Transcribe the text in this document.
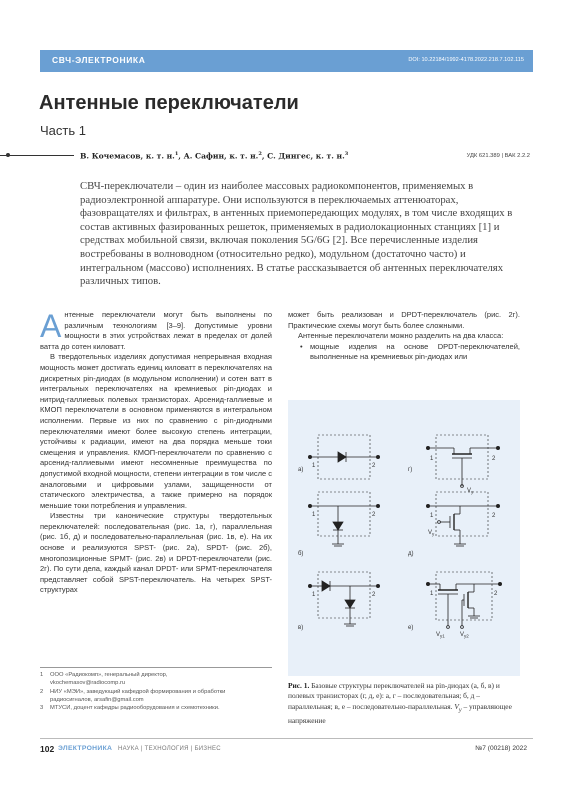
СВЧ-ЭЛЕКТРОНИКА	DOI: 10.22184/1992-4178.2022.218.7.102.115
Антенные переключатели
Часть 1
В. Кочемасов, к. т. н.$^1$, А. Сафин, к. т. н.$^2$, С. Дингес, к. т. н.$^3$	УДК 621.389 | ВАК 2.2.2
СВЧ-переключатели – один из наиболее массовых радиокомпонентов, применяемых в радиоэлектронной аппаратуре. Они используются в переключаемых аттенюаторах, фазовращателях и фильтрах, в антенных приемопередающих модулях, в том числе входящих в состав активных фазированных решеток, применяемых в радиолокационных станциях [1] и средствах мобильной связи, включая поколения 5G/6G [2]. Все перечисленные изделия востребованы в волноводном (относительно редко), модульном (достаточно часто) и интегральном (массово) исполнениях. В статье рассказывается об антенных переключателях различных типов.

Антенные переключатели могут быть выполнены по различным технологиям [3–9]. Допустимые уровни мощности в этих устройствах лежат в пределах от долей ватта до сотен киловатт.

В твердотельных изделиях допустимая непрерывная входная мощность может достигать единиц киловатт в переключателях на дискретных pin-диодах (в модульном исполнении) и сотен ватт в интегральных переключателях на кремниевых pin-диодах и нитрид-галлиевых полевых транзисторах. Арсенид-галлиевые и КМОП переключатели в основном применяются в интегральном исполнении. Первые из них по сравнению с pin-диодными переключателями имеют более высокую степень интеграции, устойчивы к радиации, имеют на два порядка меньше токи смещения и управления. КМОП-переключатели по сравнению с арсенид-галлиевыми имеют несомненные преимущества по допустимой входной мощности, степени интеграции в том числе с аналоговыми и цифровыми узлами, защищенности от статического электричества, а также примерно на порядок меньшие токи потребления и управления.

Известны три канонические структуры твердотельных переключателей: последовательная (рис. 1а, г), параллельная (рис. 1б, д) и последовательно-параллельная (рис. 1в, е). На их основе и реализуются SPST- (рис. 2а), SPDT- (рис. 2б), многопозиционные SPMT- (рис. 2в) и DPDT-переключатели (рис. 2г). По сути дела, каждый канал DPDT- или SPMT-переключателя представляет собой SPST-переключатель. На четырех SPST-структурах

может быть реализован и DPDT-переключатель (рис. 2г). Практические схемы могут быть более сложными.

Антенные переключатели можно разделить на два класса:

• мощные изделия на основе DPDT-переключателей, выполненные на кремниевых pin-диодах или
1	2
а)
1	2
$V_у$
г)
1	2
б)
1	2
$V_у$
д)
1	2
в)
1	2
$V_{у1}$	$V_{у2}$
е)
Рис. 1. Базовые структуры переключателей на pin-диодах (а, б, в) и полевых транзисторах (г, д, е): а, г – последовательная; б, д – параллельная; в, е – последовательно-параллельная. $V_у$ – управляющее напряжение
1	ООО «Радиокомп», генеральный директор,
vkochemasov@radiocomp.ru
2	НИУ «МЭИ», заведующий кафедрой формирования и обработки
радиосигналов, arsafin@gmail.com
3	МТУСИ, доцент кафедры радиооборудования и схемотехники.
102 ЭЛЕКТРОНИКА НАУКА | ТЕХНОЛОГИЯ | БИЗНЕС	№7 (00218) 2022
